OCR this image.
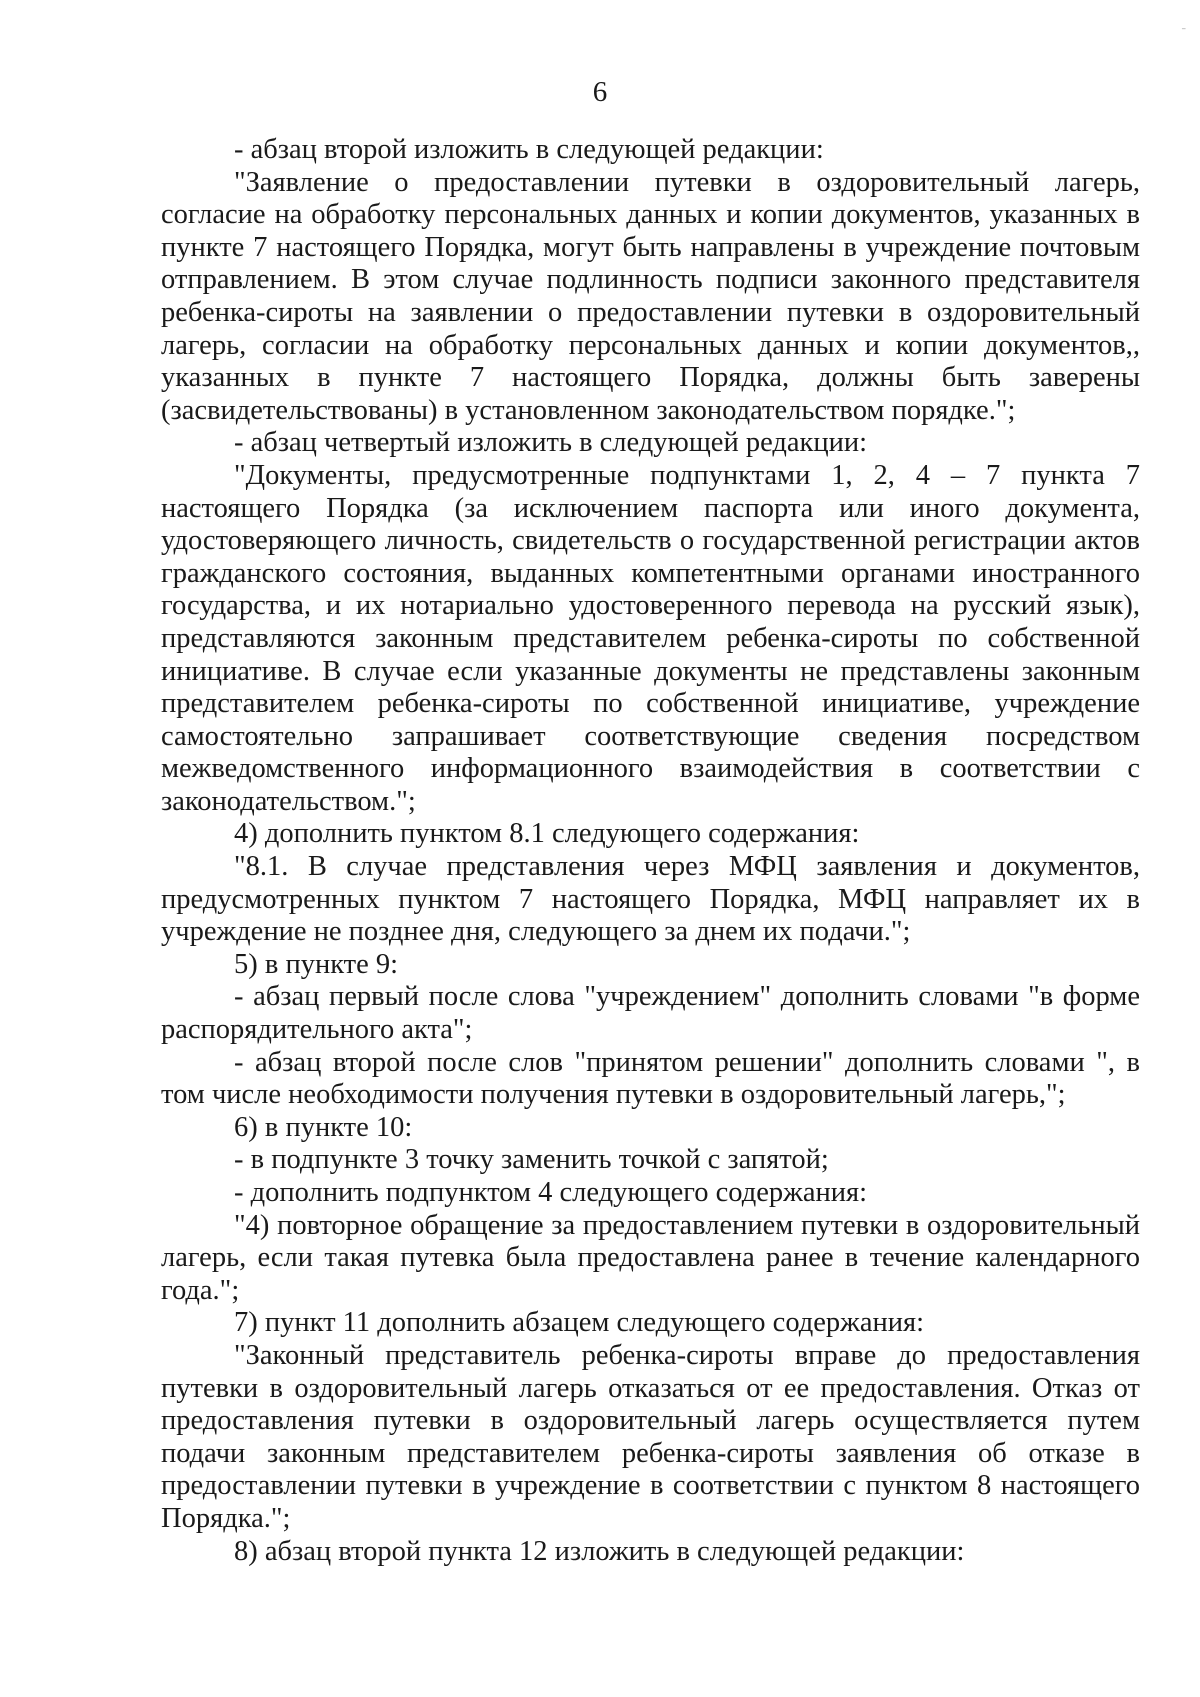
–
6

- абзац второй изложить в следующей редакции:

"Заявление о предоставлении путевки в оздоровительный лагерь, согласие на обработку персональных данных и копии документов, указанных в пункте 7 настоящего Порядка, могут быть направлены в учреждение почтовым отправлением. В этом случае подлинность подписи законного представителя ребенка-сироты на заявлении о предоставлении путевки в оздоровительный лагерь, согласии на обработку персональных данных и копии документов,, указанных в пункте 7 настоящего Порядка, должны быть заверены (засвидетельствованы) в установленном законодательством порядке.";

- абзац четвертый изложить в следующей редакции:

"Документы, предусмотренные подпунктами 1, 2, 4 – 7 пункта 7 настоящего Порядка (за исключением паспорта или иного документа, удостоверяющего личность, свидетельств о государственной регистрации актов гражданского состояния, выданных компетентными органами иностранного государства, и их нотариально удостоверенного перевода на русский язык), представляются законным представителем ребенка-сироты по собственной инициативе. В случае если указанные документы не представлены законным представителем ребенка-сироты по собственной инициативе, учреждение самостоятельно запрашивает соответствующие сведения посредством межведомственного информационного взаимодействия в соответствии с законодательством.";

4) дополнить пунктом 8.1 следующего содержания:

"8.1. В случае представления через МФЦ заявления и документов, предусмотренных пунктом 7 настоящего Порядка, МФЦ направляет их в учреждение не позднее дня, следующего за днем их подачи.";

5) в пункте 9:

- абзац первый после слова "учреждением" дополнить словами "в форме распорядительного акта";

- абзац второй после слов "принятом решении" дополнить словами ", в том числе необходимости получения путевки в оздоровительный лагерь,";

6) в пункте 10:

- в подпункте 3 точку заменить точкой с запятой;

- дополнить подпунктом 4 следующего содержания:

"4) повторное обращение за предоставлением путевки в оздоровительный лагерь, если такая путевка была предоставлена ранее в течение календарного года.";

7) пункт 11 дополнить абзацем следующего содержания:

"Законный представитель ребенка-сироты вправе до предоставления путевки в оздоровительный лагерь отказаться от ее предоставления. Отказ от предоставления путевки в оздоровительный лагерь осуществляется путем подачи законным представителем ребенка-сироты заявления об отказе в предоставлении путевки в учреждение в соответствии с пунктом 8 настоящего Порядка.";

8) абзац второй пункта 12 изложить в следующей редакции:
